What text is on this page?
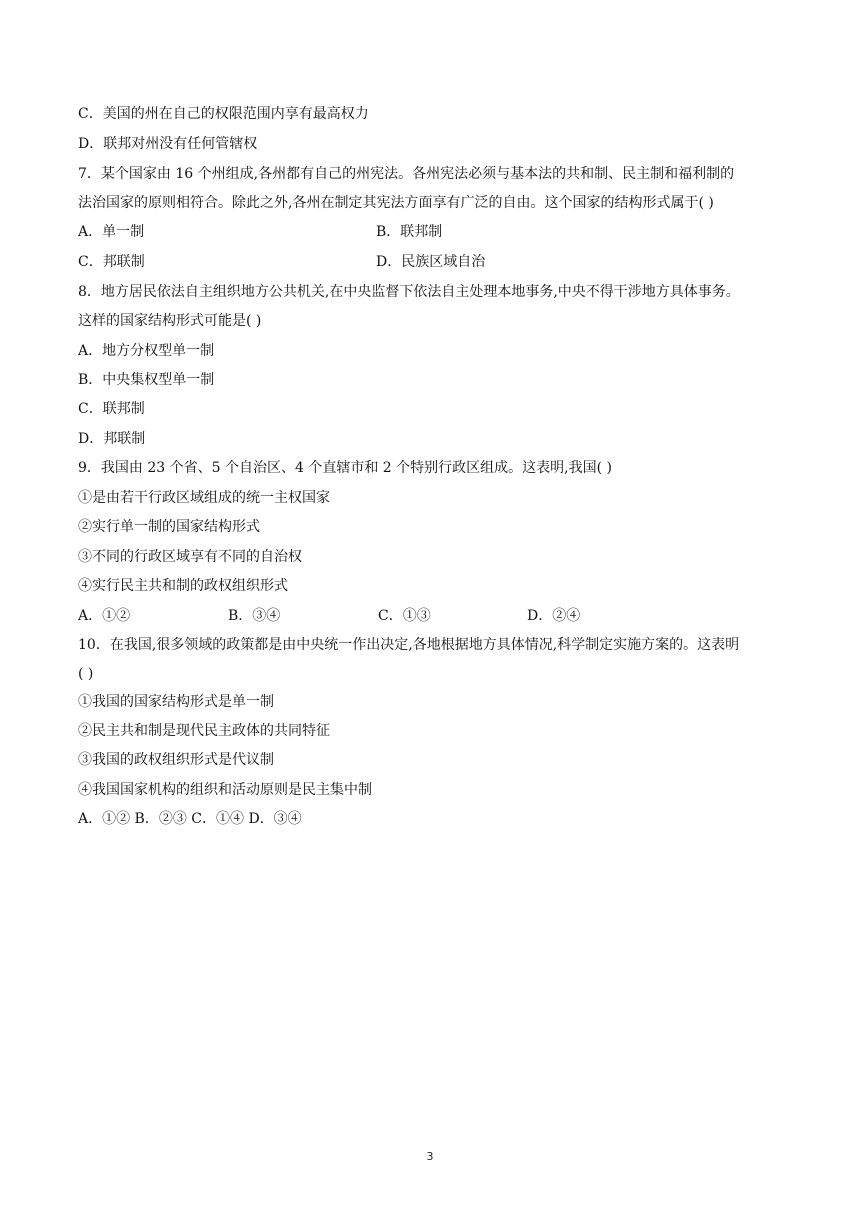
C．美国的州在自己的权限范围内享有最高权力
D．联邦对州没有任何管辖权
7．某个国家由 16 个州组成,各州都有自己的州宪法。各州宪法必须与基本法的共和制、民主制和福利制的
法治国家的原则相符合。除此之外,各州在制定其宪法方面享有广泛的自由。这个国家的结构形式属于( )
A．单一制	B．联邦制
C．邦联制	D．民族区域自治
8．地方居民依法自主组织地方公共机关,在中央监督下依法自主处理本地事务,中央不得干涉地方具体事务。
这样的国家结构形式可能是( )
A．地方分权型单一制
B．中央集权型单一制
C．联邦制
D．邦联制
9．我国由 23 个省、5 个自治区、4 个直辖市和 2 个特别行政区组成。这表明,我国( )
①是由若干行政区域组成的统一主权国家
②实行单一制的国家结构形式
③不同的行政区域享有不同的自治权
④实行民主共和制的政权组织形式
A．①②	B．③④	C．①③	D．②④
10．在我国,很多领域的政策都是由中央统一作出决定,各地根据地方具体情况,科学制定实施方案的。这表明
( )
①我国的国家结构形式是单一制
②民主共和制是现代民主政体的共同特征
③我国的政权组织形式是代议制
④我国国家机构的组织和活动原则是民主集中制
A．①② B．②③ C．①④ D．③④
3
